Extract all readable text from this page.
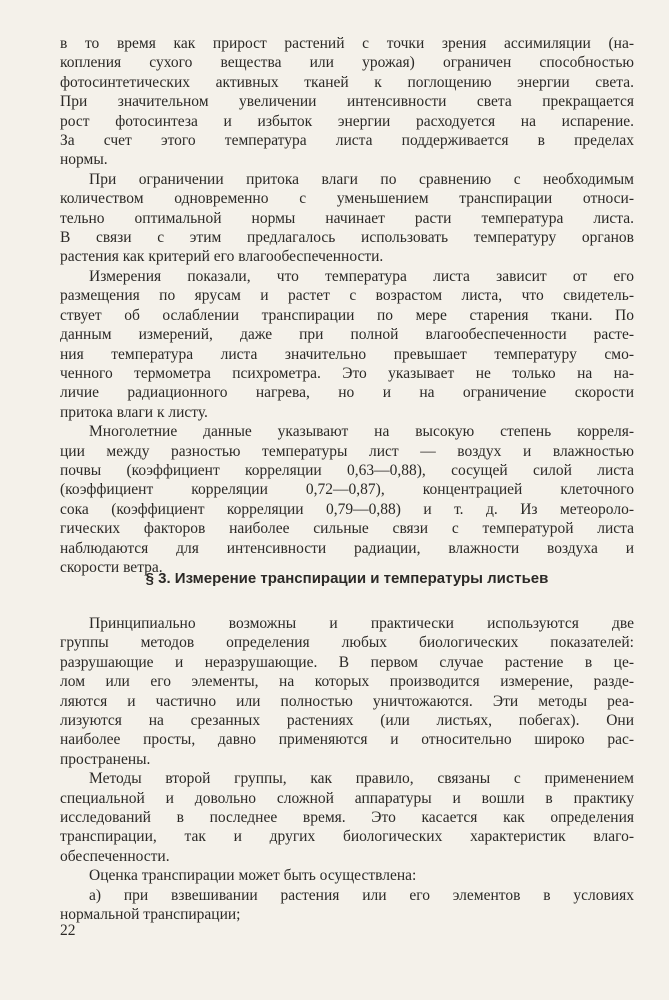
в то время как прирост растений с точки зрения ассимиляции (на-
копления сухого вещества или урожая) ограничен способностью
фотосинтетических активных тканей к поглощению энергии света.
При значительном увеличении интенсивности света прекращается
рост фотосинтеза и избыток энергии расходуется на испарение.
За счет этого температура листа поддерживается в пределах
нормы.
При ограничении притока влаги по сравнению с необходимым
количеством одновременно с уменьшением транспирации относи-
тельно оптимальной нормы начинает расти температура листа.
В связи с этим предлагалось использовать температуру органов
растения как критерий его влагообеспеченности.
Измерения показали, что температура листа зависит от его
размещения по ярусам и растет с возрастом листа, что свидетель-
ствует об ослаблении транспирации по мере старения ткани. По
данным измерений, даже при полной влагообеспеченности расте-
ния температура листа значительно превышает температуру смо-
ченного термометра психрометра. Это указывает не только на на-
личие радиационного нагрева, но и на ограничение скорости
притока влаги к листу.
Многолетние данные указывают на высокую степень корреля-
ции между разностью температуры лист — воздух и влажностью
почвы (коэффициент корреляции 0,63—0,88), сосущей силой листа
(коэффициент корреляции 0,72—0,87), концентрацией клеточного
сока (коэффициент корреляции 0,79—0,88) и т. д. Из метеороло-
гических факторов наиболее сильные связи с температурой листа
наблюдаются для интенсивности радиации, влажности воздуха и
скорости ветра.
§ 3. Измерение транспирации и температуры листьев
Принципиально возможны и практически используются две
группы методов определения любых биологических показателей:
разрушающие и неразрушающие. В первом случае растение в це-
лом или его элементы, на которых производится измерение, разде-
ляются и частично или полностью уничтожаются. Эти методы реа-
лизуются на срезанных растениях (или листьях, побегах). Они
наиболее просты, давно применяются и относительно широко рас-
пространены.
Методы второй группы, как правило, связаны с применением
специальной и довольно сложной аппаратуры и вошли в практику
исследований в последнее время. Это касается как определения
транспирации, так и других биологических характеристик влаго-
обеспеченности.
Оценка транспирации может быть осуществлена:
а) при взвешивании растения или его элементов в условиях
нормальной транспирации;
22
